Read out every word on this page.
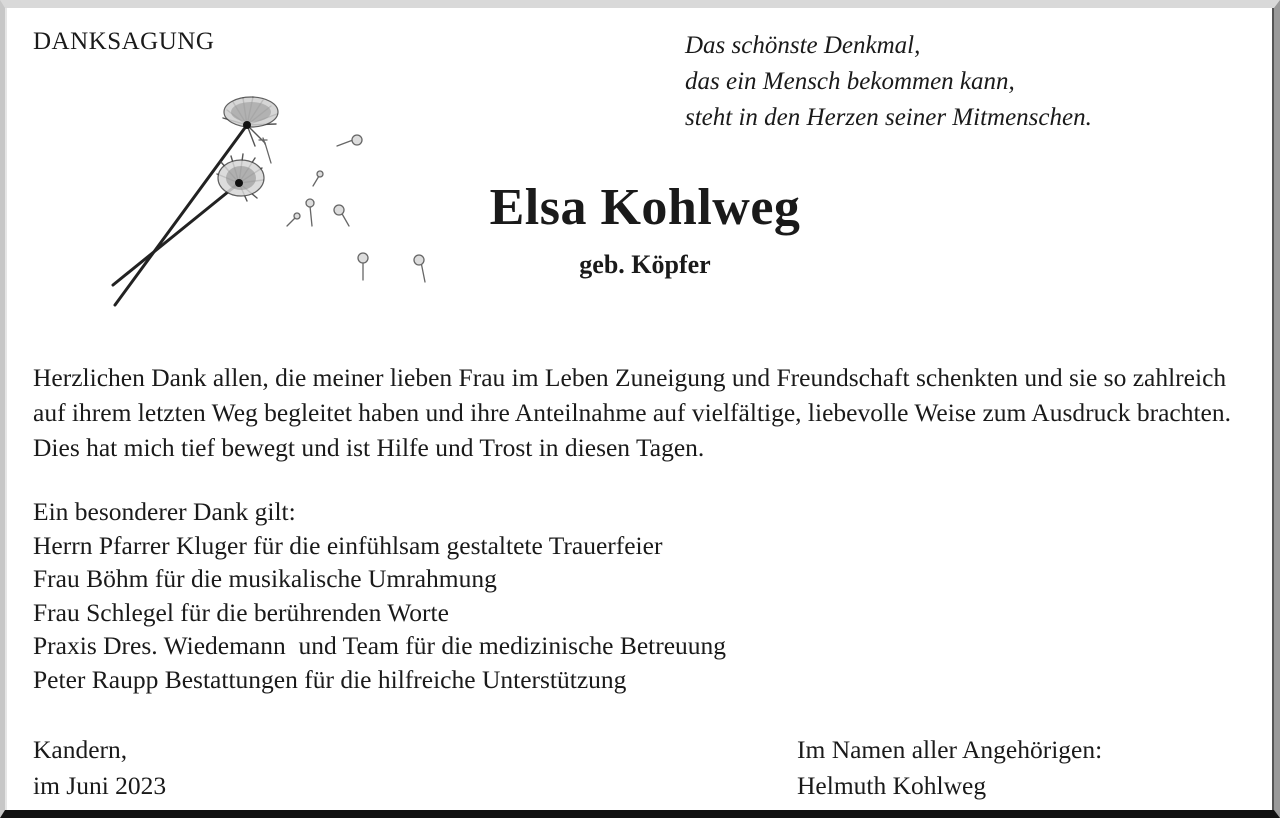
DANKSAGUNG	Das schönste Denkmal,
das ein Mensch bekommen kann,
steht in den Herzen seiner Mitmenschen.
Elsa Kohlweg
geb. Köpfer
Herzlichen Dank allen, die meiner lieben Frau im Leben Zuneigung und Freundschaft schenkten und sie so zahlreich auf ihrem letzten Weg begleitet haben und ihre Anteilnahme auf vielfältige, liebevolle Weise zum Ausdruck brachten. Dies hat mich tief bewegt und ist Hilfe und Trost in diesen Tagen.
Ein besonderer Dank gilt:
Herrn Pfarrer Kluger für die einfühlsam gestaltete Trauerfeier
Frau Böhm für die musikalische Umrahmung
Frau Schlegel für die berührenden Worte
Praxis Dres. Wiedemann  und Team für die medizinische Betreuung
Peter Raupp Bestattungen für die hilfreiche Unterstützung
Kandern,
im Juni 2023
Im Namen aller Angehörigen:
Helmuth Kohlweg
